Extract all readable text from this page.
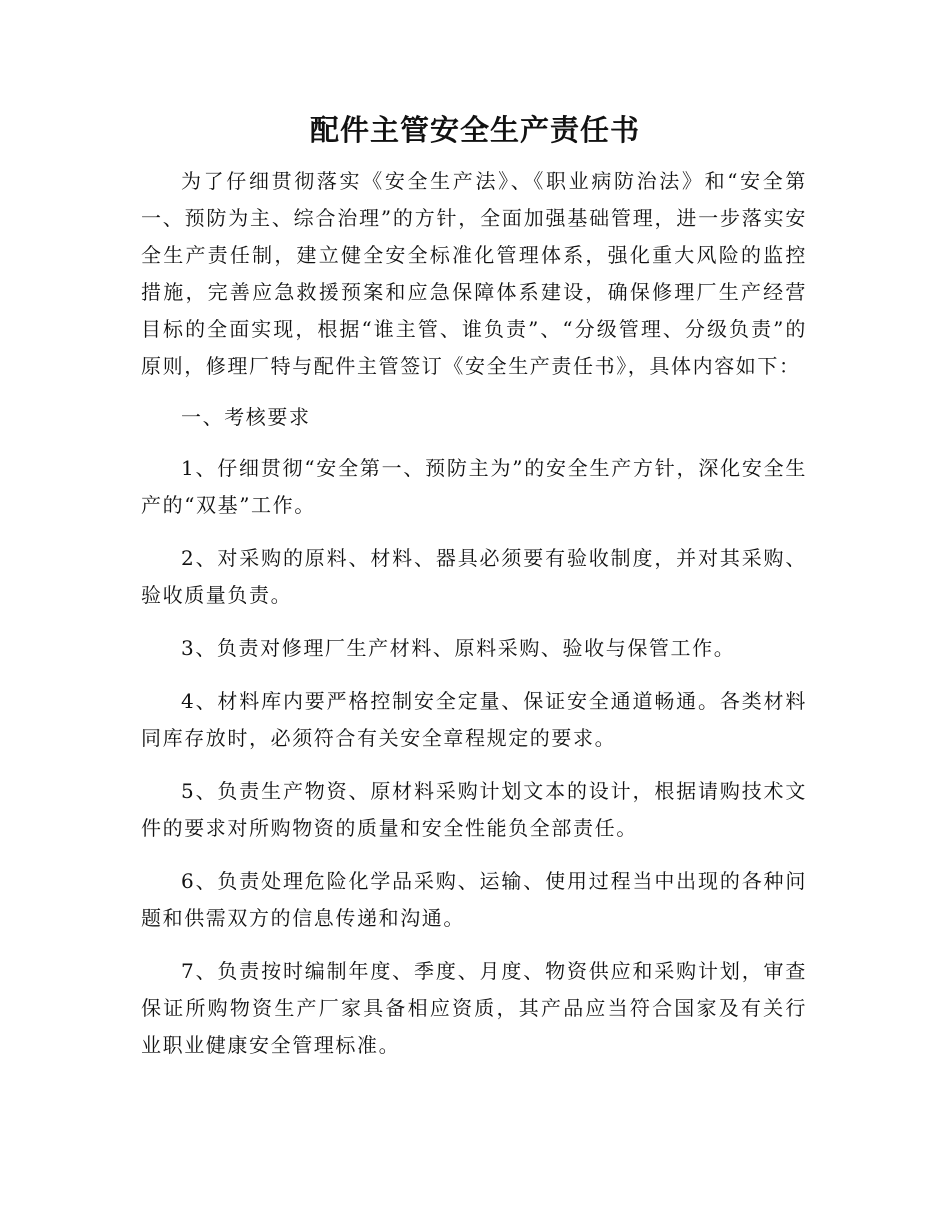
配件主管安全生产责任书

为了仔细贯彻落实《安全生产法》、《职业病防治法》和“安全第一、预防为主、综合治理”的方针，全面加强基础管理，进一步落实安全生产责任制，建立健全安全标准化管理体系，强化重大风险的监控措施，完善应急救援预案和应急保障体系建设，确保修理厂生产经营目标的全面实现，根据“谁主管、谁负责”、“分级管理、分级负责”的原则，修理厂特与配件主管签订《安全生产责任书》，具体内容如下：

一、考核要求

1、仔细贯彻“安全第一、预防主为”的安全生产方针，深化安全生产的“双基”工作。

2、对采购的原料、材料、器具必须要有验收制度，并对其采购、验收质量负责。

3、负责对修理厂生产材料、原料采购、验收与保管工作。

4、材料库内要严格控制安全定量、保证安全通道畅通。各类材料同库存放时，必须符合有关安全章程规定的要求。

5、负责生产物资、原材料采购计划文本的设计，根据请购技术文件的要求对所购物资的质量和安全性能负全部责任。

6、负责处理危险化学品采购、运输、使用过程当中出现的各种问题和供需双方的信息传递和沟通。

7、负责按时编制年度、季度、月度、物资供应和采购计划，审查保证所购物资生产厂家具备相应资质，其产品应当符合国家及有关行业职业健康安全管理标准。
